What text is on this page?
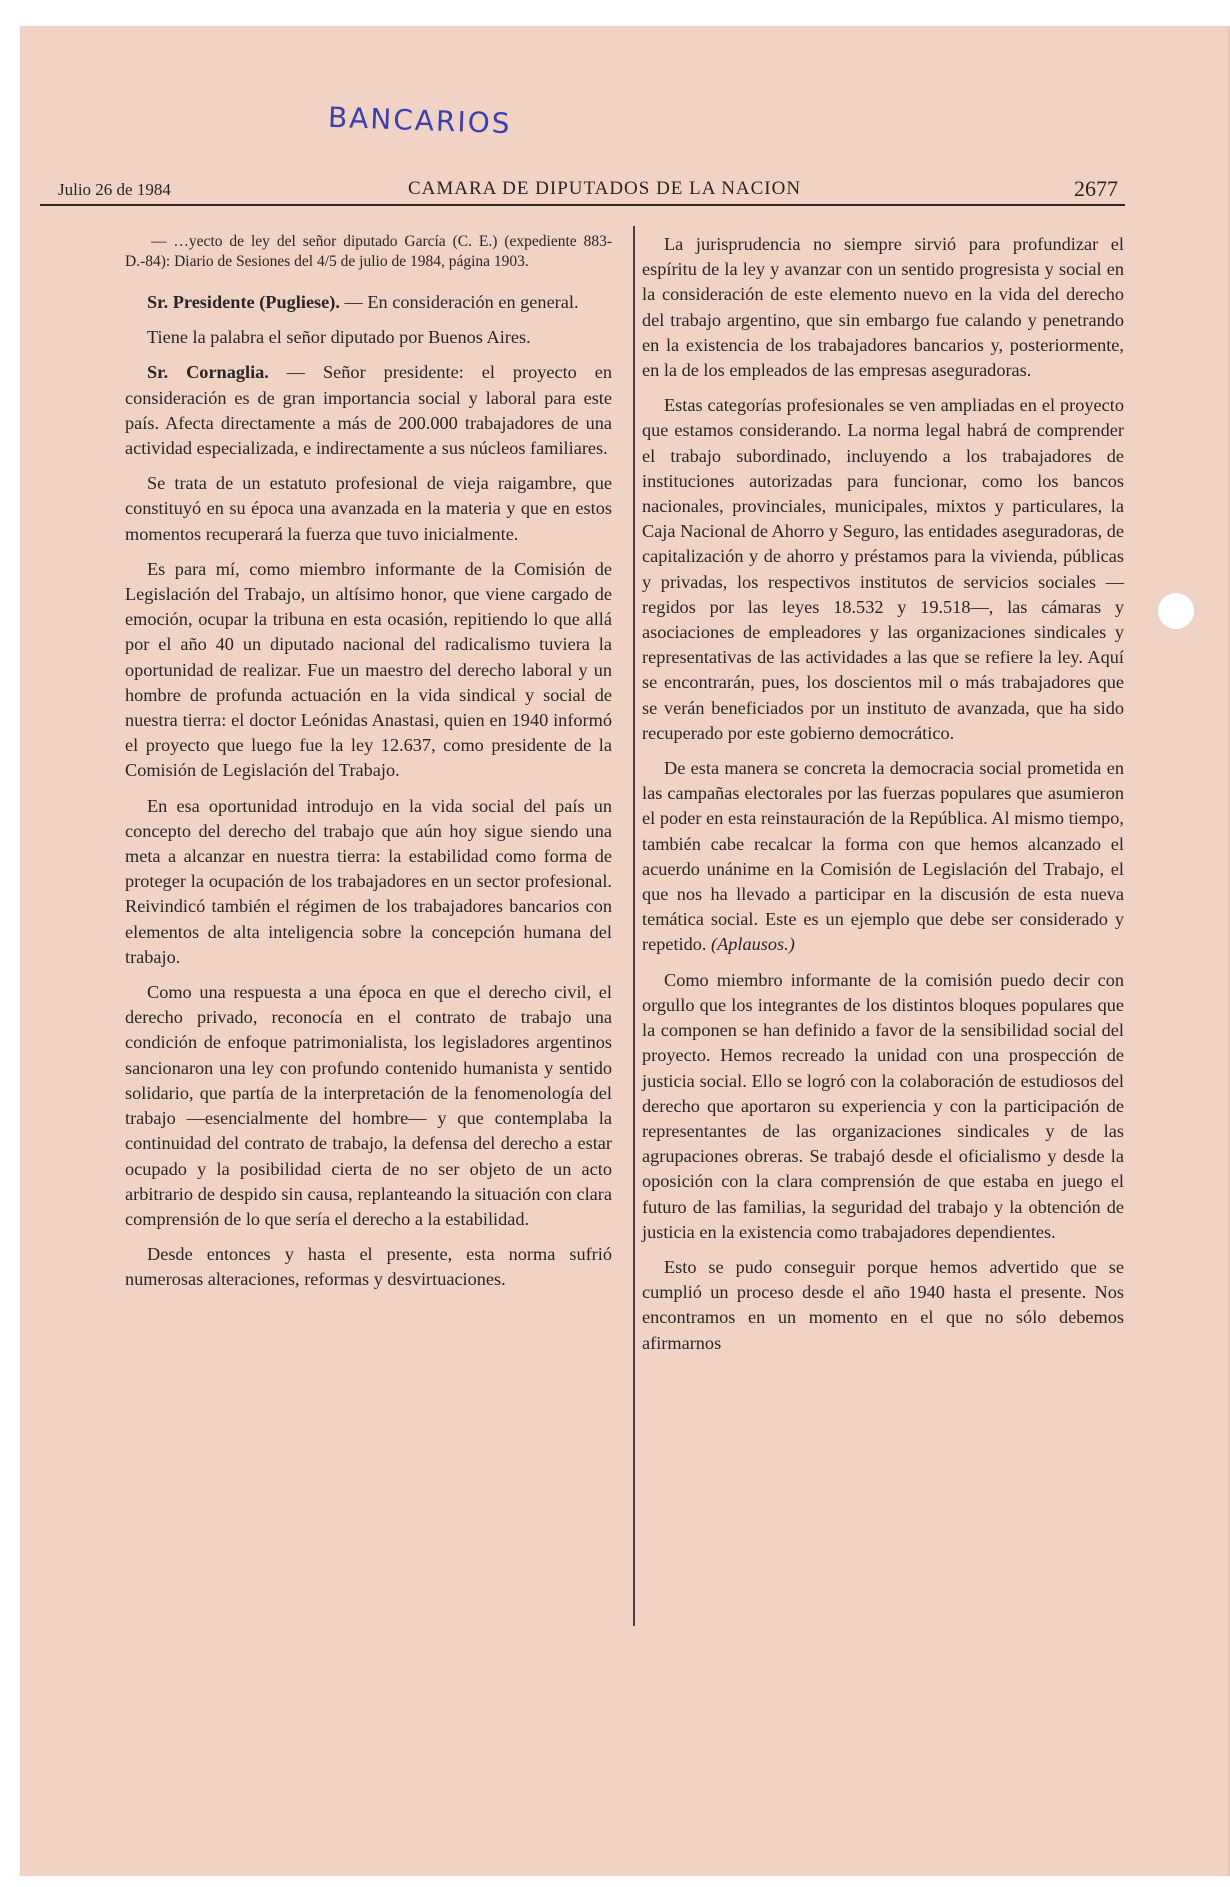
BANCARIOS
Julio 26 de 1984	CAMARA DE DIPUTADOS DE LA NACION	2677

— …yecto de ley del señor diputado García (C. E.) (expediente 883-D.-84): Diario de Sesiones del 4/5 de julio de 1984, página 1903.

Sr. Presidente (Pugliese). — En consideración en general.

Tiene la palabra el señor diputado por Buenos Aires.

Sr. Cornaglia. — Señor presidente: el proyecto en consideración es de gran importancia social y laboral para este país. Afecta directamente a más de 200.000 trabajadores de una actividad especializada, e indirectamente a sus núcleos familiares.

Se trata de un estatuto profesional de vieja raigambre, que constituyó en su época una avanzada en la materia y que en estos momentos recuperará la fuerza que tuvo inicialmente.

Es para mí, como miembro informante de la Comisión de Legislación del Trabajo, un altísimo honor, que viene cargado de emoción, ocupar la tribuna en esta ocasión, repitiendo lo que allá por el año 40 un diputado nacional del radicalismo tuviera la oportunidad de realizar. Fue un maestro del derecho laboral y un hombre de profunda actuación en la vida sindical y social de nuestra tierra: el doctor Leónidas Anastasi, quien en 1940 informó el proyecto que luego fue la ley 12.637, como presidente de la Comisión de Legislación del Trabajo.

En esa oportunidad introdujo en la vida social del país un concepto del derecho del trabajo que aún hoy sigue siendo una meta a alcanzar en nuestra tierra: la estabilidad como forma de proteger la ocupación de los trabajadores en un sector profesional. Reivindicó también el régimen de los trabajadores bancarios con elementos de alta inteligencia sobre la concepción humana del trabajo.

Como una respuesta a una época en que el derecho civil, el derecho privado, reconocía en el contrato de trabajo una condición de enfoque patrimonialista, los legisladores argentinos sancionaron una ley con profundo contenido humanista y sentido solidario, que partía de la interpretación de la fenomenología del trabajo —esencialmente del hombre— y que contemplaba la continuidad del contrato de trabajo, la defensa del derecho a estar ocupado y la posibilidad cierta de no ser objeto de un acto arbitrario de despido sin causa, replanteando la situación con clara comprensión de lo que sería el derecho a la estabilidad.

Desde entonces y hasta el presente, esta norma sufrió numerosas alteraciones, reformas y desvirtuaciones.

La jurisprudencia no siempre sirvió para profundizar el espíritu de la ley y avanzar con un sentido progresista y social en la consideración de este elemento nuevo en la vida del derecho del trabajo argentino, que sin embargo fue calando y penetrando en la existencia de los trabajadores bancarios y, posteriormente, en la de los empleados de las empresas aseguradoras.

Estas categorías profesionales se ven ampliadas en el proyecto que estamos considerando. La norma legal habrá de comprender el trabajo subordinado, incluyendo a los trabajadores de instituciones autorizadas para funcionar, como los bancos nacionales, provinciales, municipales, mixtos y particulares, la Caja Nacional de Ahorro y Seguro, las entidades aseguradoras, de capitalización y de ahorro y préstamos para la vivienda, públicas y privadas, los respectivos institutos de servicios sociales —regidos por las leyes 18.532 y 19.518—, las cámaras y asociaciones de empleadores y las organizaciones sindicales y representativas de las actividades a las que se refiere la ley. Aquí se encontrarán, pues, los doscientos mil o más trabajadores que se verán beneficiados por un instituto de avanzada, que ha sido recuperado por este gobierno democrático.

De esta manera se concreta la democracia social prometida en las campañas electorales por las fuerzas populares que asumieron el poder en esta reinstauración de la República. Al mismo tiempo, también cabe recalcar la forma con que hemos alcanzado el acuerdo unánime en la Comisión de Legislación del Trabajo, el que nos ha llevado a participar en la discusión de esta nueva temática social. Este es un ejemplo que debe ser considerado y repetido. (Aplausos.)

Como miembro informante de la comisión puedo decir con orgullo que los integrantes de los distintos bloques populares que la componen se han definido a favor de la sensibilidad social del proyecto. Hemos recreado la unidad con una prospección de justicia social. Ello se logró con la colaboración de estudiosos del derecho que aportaron su experiencia y con la participación de representantes de las organizaciones sindicales y de las agrupaciones obreras. Se trabajó desde el oficialismo y desde la oposición con la clara comprensión de que estaba en juego el futuro de las familias, la seguridad del trabajo y la obtención de justicia en la existencia como trabajadores dependientes.

Esto se pudo conseguir porque hemos advertido que se cumplió un proceso desde el año 1940 hasta el presente. Nos encontramos en un momento en el que no sólo debemos afirmarnos
